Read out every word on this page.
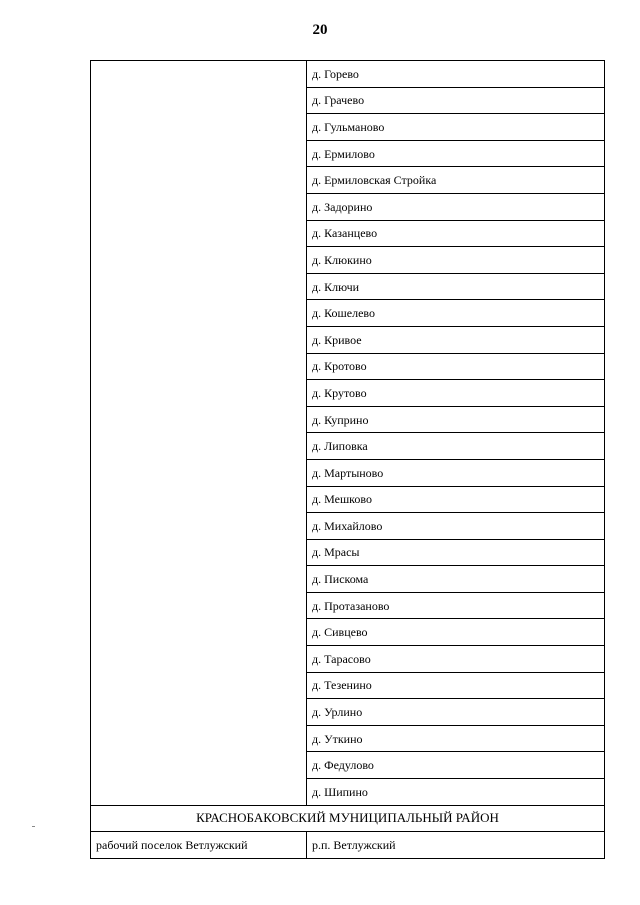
20
	д. Горево
	д. Грачево
	д. Гульманово
	д. Ермилово
	д. Ермиловская Стройка
	д. Задорино
	д. Казанцево
	д. Клюкино
	д. Ключи
	д. Кошелево
	д. Кривое
	д. Кротово
	д. Крутово
	д. Куприно
	д. Липовка
	д. Мартыново
	д. Мешково
	д. Михайлово
	д. Мрасы
	д. Пискома
	д. Протазаново
	д. Сивцево
	д. Тарасово
	д. Тезенино
	д. Урлино
	д. Уткино
	д. Федулово
	д. Шипино
КРАСНОБАКОВСКИЙ МУНИЦИПАЛЬНЫЙ РАЙОН	
рабочий поселок Ветлужский	р.п. Ветлужский
